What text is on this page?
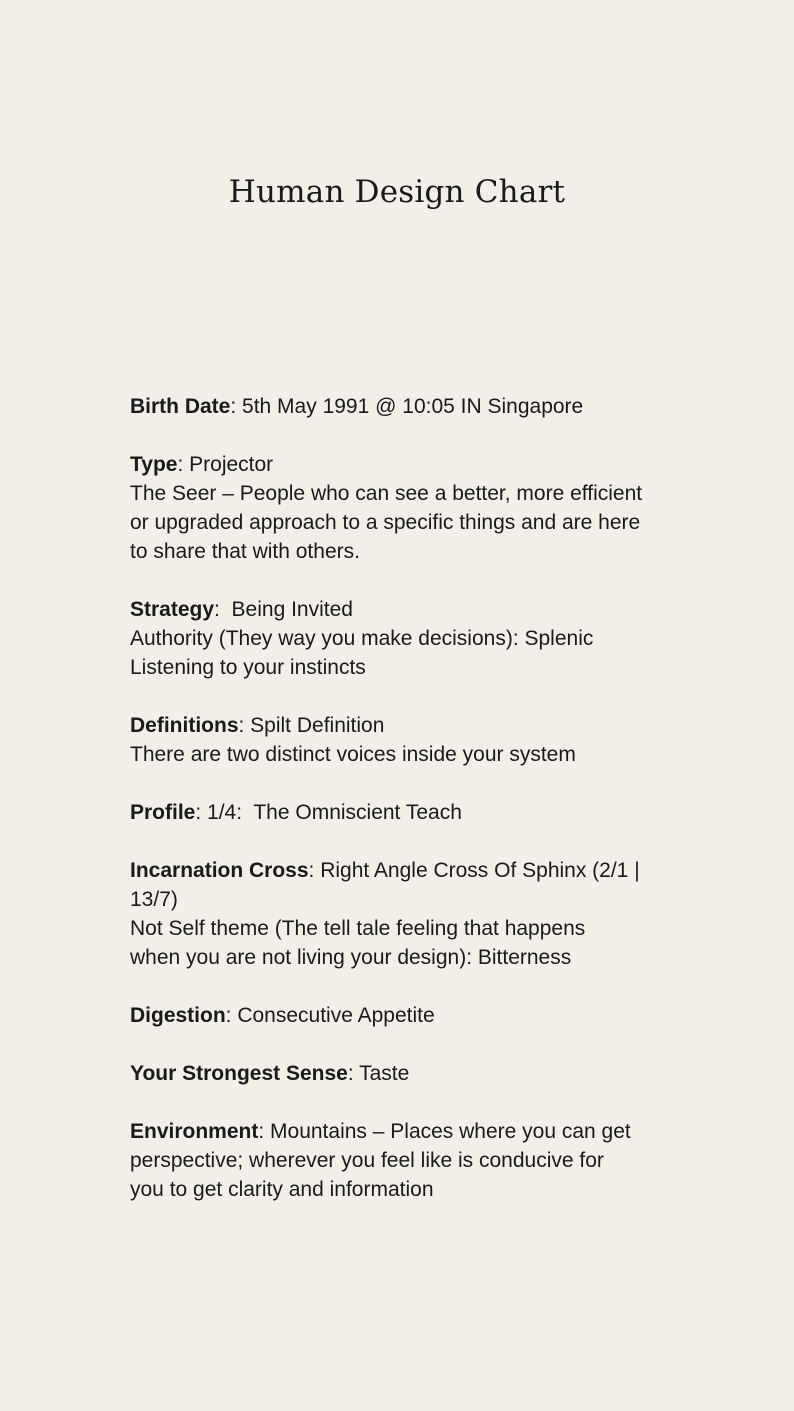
Human Design Chart
Birth Date: 5th May 1991 @ 10:05 IN Singapore
Type: Projector
The Seer – People who can see a better, more efficient
or upgraded approach to a specific things and are here
to share that with others.
Strategy:  Being Invited
Authority (They way you make decisions): Splenic
Listening to your instincts
Definitions: Spilt Definition
There are two distinct voices inside your system
Profile: 1/4:  The Omniscient Teach
Incarnation Cross: Right Angle Cross Of Sphinx (2/1 |
13/7)
Not Self theme (The tell tale feeling that happens
when you are not living your design): Bitterness
Digestion: Consecutive Appetite
Your Strongest Sense: Taste
Environment: Mountains – Places where you can get
perspective; wherever you feel like is conducive for
you to get clarity and information
